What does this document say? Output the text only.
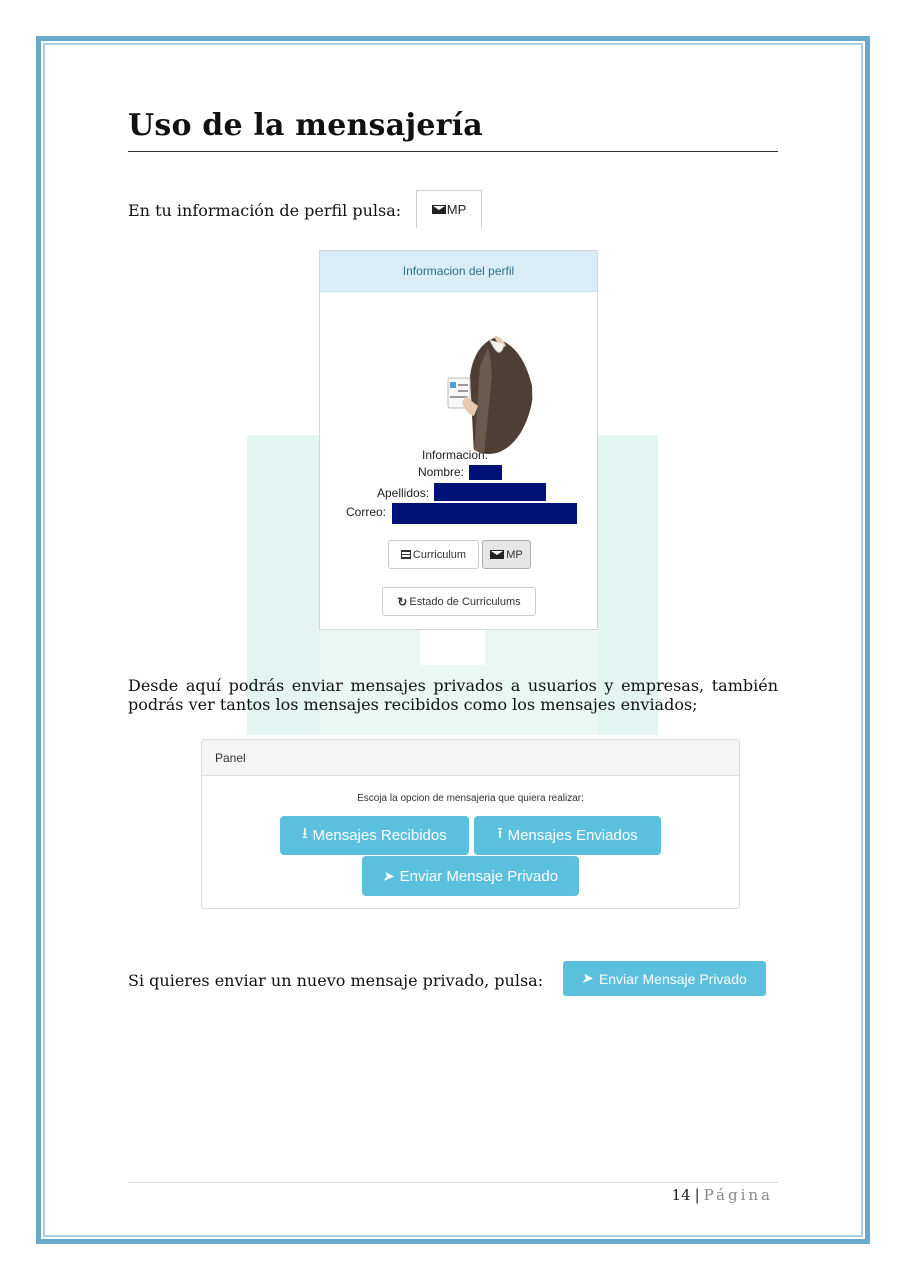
Uso de la mensajería
En tu información de perfil pulsa:	MP
Informacion del perfil
Informacion:
Nombre:
Apellidos:
Correo:
Curriculum	MP
↻ Estado de Curriculums
Desde aquí podrás enviar mensajes privados a usuarios y empresas, también podrás ver tantos los mensajes recibidos como los mensajes enviados;
Panel
Escoja la opcion de mensajeria que quiera realizar:
⭳ Mensajes Recibidos	⭱ Mensajes Enviados
➤ Enviar Mensaje Privado
Si quieres enviar un nuevo mensaje privado, pulsa:	➤ Enviar Mensaje Privado
14 | Página
